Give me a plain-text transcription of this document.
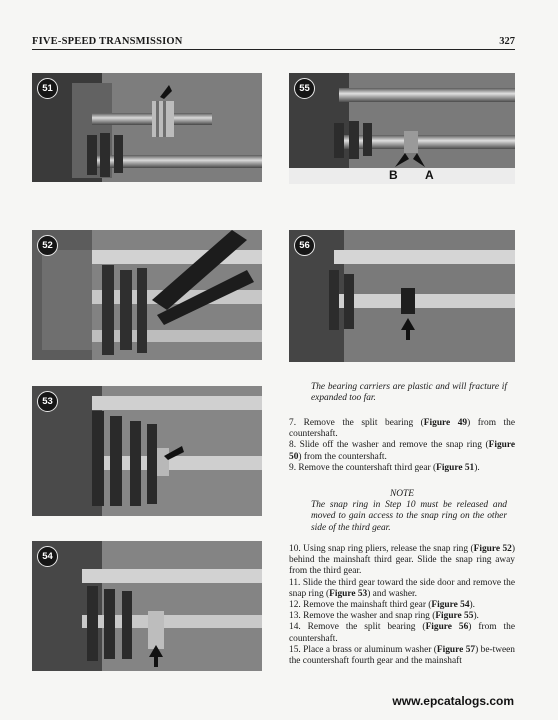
FIVE-SPEED TRANSMISSION	327
51	55
B A
52	56
53
54

The bearing carriers are plastic and will fracture if expanded too far.

7. Remove the split bearing (Figure 49) from the countershaft.

8. Slide off the washer and remove the snap ring (Figure 50) from the countershaft.

9. Remove the countershaft third gear (Figure 51).

NOTE

The snap ring in Step 10 must be released and moved to gain access to the snap ring on the other side of the third gear.

10. Using snap ring pliers, release the snap ring (Figure 52) behind the mainshaft third gear. Slide the snap ring away from the third gear.

11. Slide the third gear toward the side door and remove the snap ring (Figure 53) and washer.

12. Remove the mainshaft third gear (Figure 54).

13. Remove the washer and snap ring (Figure 55).

14. Remove the split bearing (Figure 56) from the countershaft.

15. Place a brass or aluminum washer (Figure 57) be-tween the countershaft fourth gear and the mainshaft

www.epcatalogs.com
